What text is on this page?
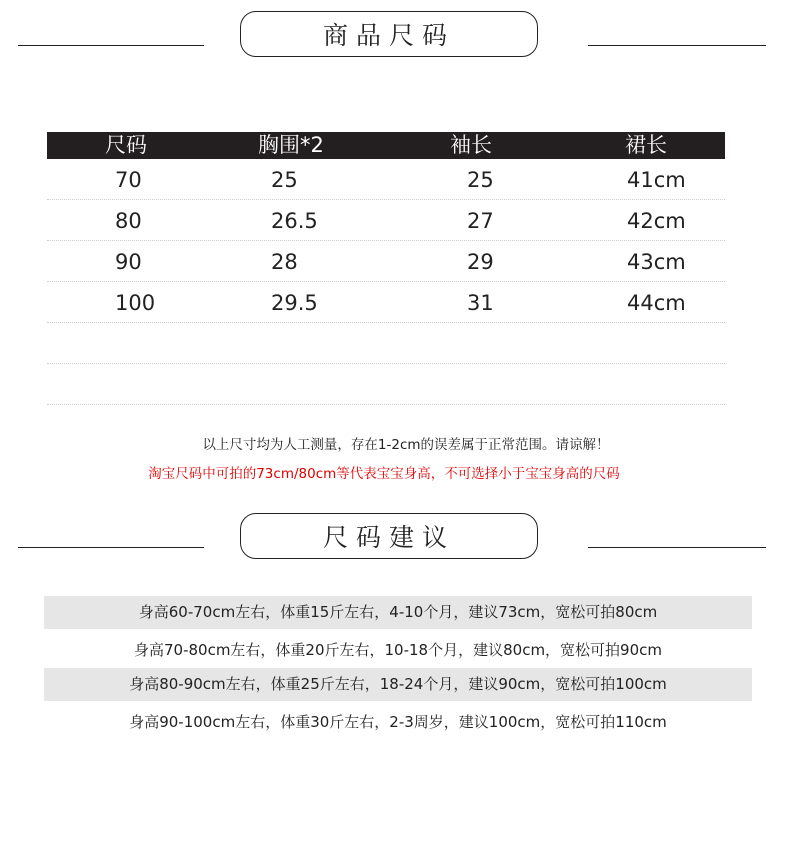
商品尺码
尺码	胸围*2	袖长	裙长
70	25	25	41cm
80	26.5	27	42cm
90	28	29	43cm
100	29.5	31	44cm
以上尺寸均为人工测量，存在1-2cm的误差属于正常范围。请谅解！
淘宝尺码中可拍的73cm/80cm等代表宝宝身高，不可选择小于宝宝身高的尺码
尺码建议
身高60-70cm左右，体重15斤左右，4-10个月，建议73cm，宽松可拍80cm
身高70-80cm左右，体重20斤左右，10-18个月，建议80cm，宽松可拍90cm
身高80-90cm左右，体重25斤左右，18-24个月，建议90cm，宽松可拍100cm
身高90-100cm左右，体重30斤左右，2-3周岁，建议100cm，宽松可拍110cm
